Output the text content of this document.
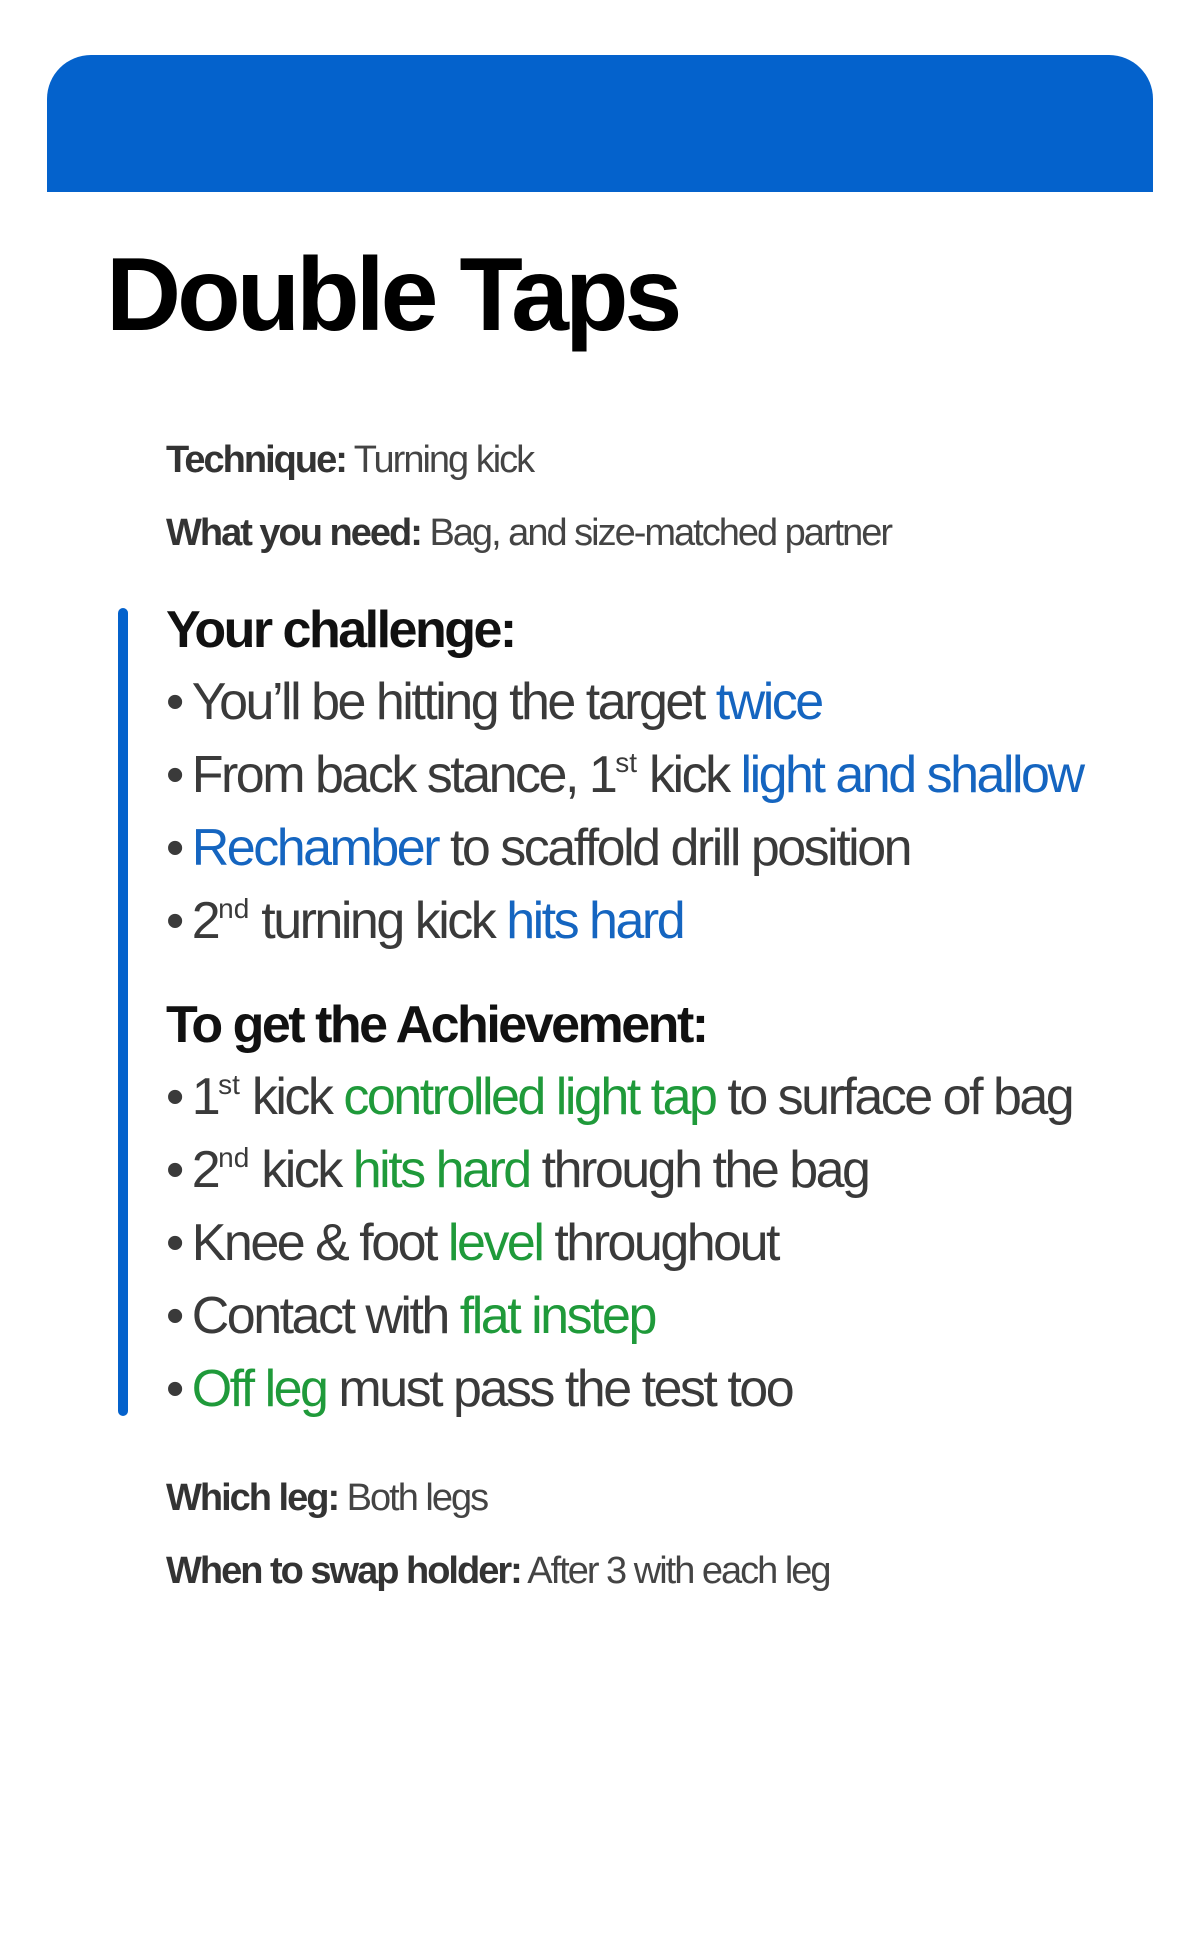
Double Taps
Technique: Turning kick
What you need: Bag, and size-matched partner
Your challenge:
• You’ll be hitting the target twice
• From back stance, 1st kick light and shallow
• Rechamber to scaffold drill position
• 2nd turning kick hits hard
To get the Achievement:
• 1st kick controlled light tap to surface of bag
• 2nd kick hits hard through the bag
• Knee & foot level throughout
• Contact with flat instep
• Off leg must pass the test too
Which leg: Both legs
When to swap holder: After 3 with each leg
